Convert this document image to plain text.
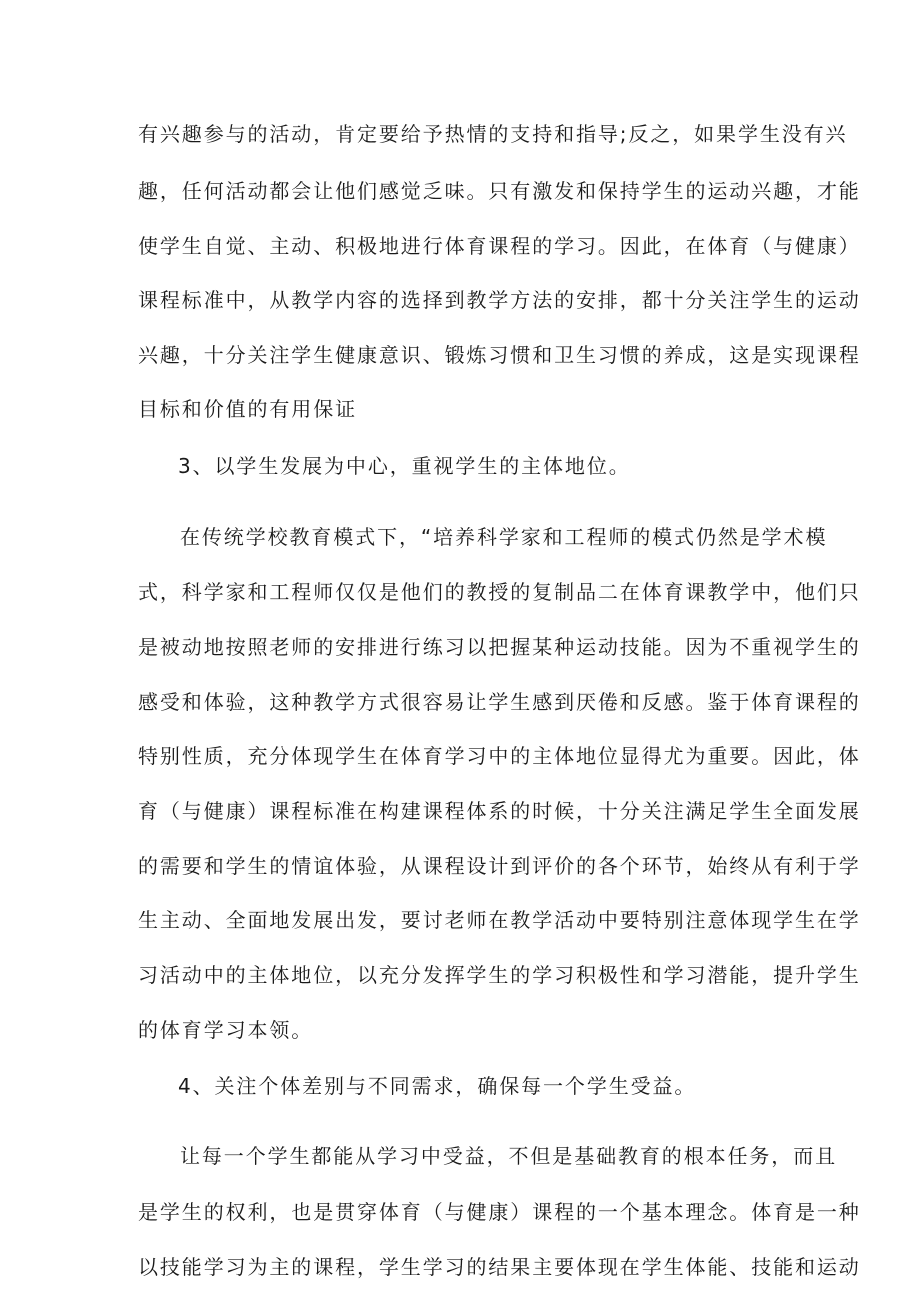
有兴趣参与的活动，肯定要给予热情的支持和指导;反之，如果学生没有兴
趣，任何活动都会让他们感觉乏味。只有激发和保持学生的运动兴趣，才能
使学生自觉、主动、积极地进行体育课程的学习。因此，在体育（与健康）
课程标准中，从教学内容的选择到教学方法的安排，都十分关注学生的运动
兴趣，十分关注学生健康意识、锻炼习惯和卫生习惯的养成，这是实现课程
目标和价值的有用保证
3、以学生发展为中心，重视学生的主体地位。
在传统学校教育模式下，“培养科学家和工程师的模式仍然是学术模
式，科学家和工程师仅仅是他们的教授的复制品二在体育课教学中，他们只
是被动地按照老师的安排进行练习以把握某种运动技能。因为不重视学生的
感受和体验，这种教学方式很容易让学生感到厌倦和反感。鉴于体育课程的
特别性质，充分体现学生在体育学习中的主体地位显得尤为重要。因此，体
育（与健康）课程标准在构建课程体系的时候，十分关注满足学生全面发展
的需要和学生的情谊体验，从课程设计到评价的各个环节，始终从有利于学
生主动、全面地发展出发，要讨老师在教学活动中要特别注意体现学生在学
习活动中的主体地位，以充分发挥学生的学习积极性和学习潜能，提升学生
的体育学习本领。
4、关注个体差别与不同需求，确保每一个学生受益。
让每一个学生都能从学习中受益，不但是基础教育的根本任务，而且
是学生的权利，也是贯穿体育（与健康）课程的一个基本理念。体育是一种
以技能学习为主的课程，学生学习的结果主要体现在学生体能、技能和运动
